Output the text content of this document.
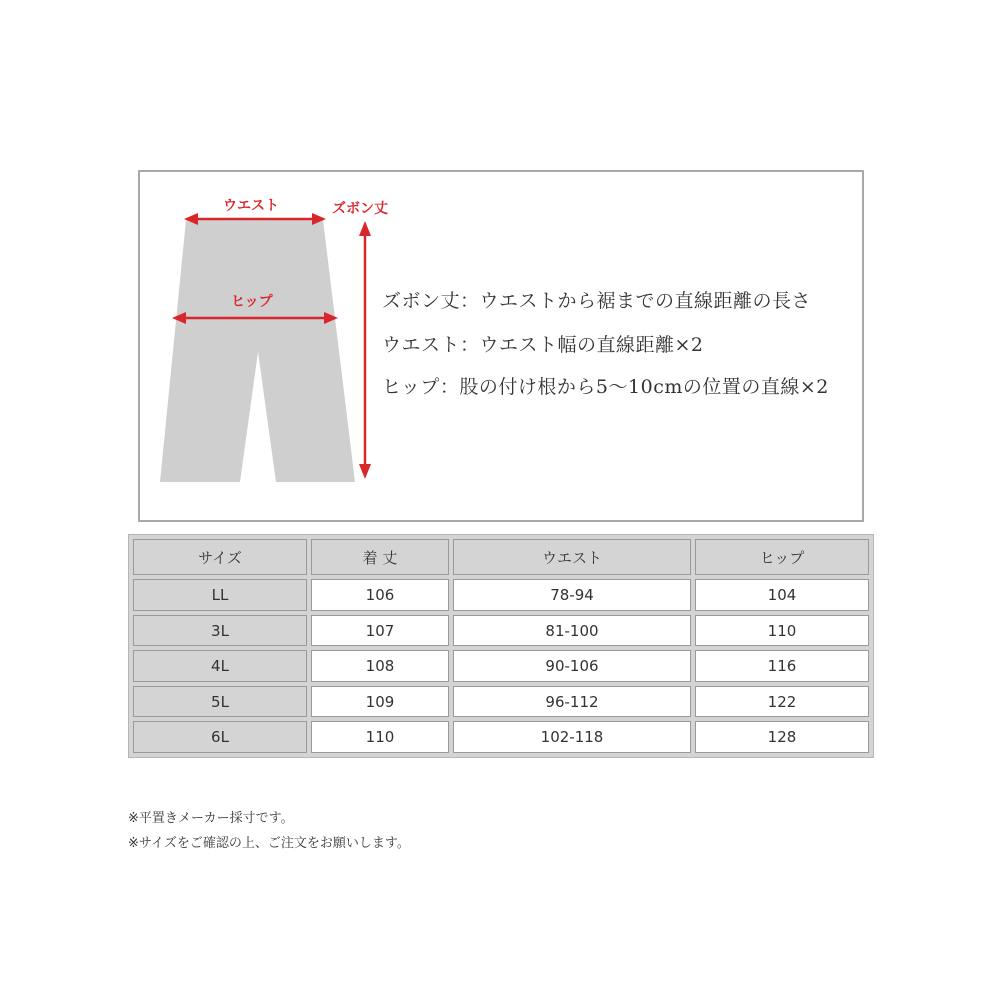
ウエスト
ヒップ
ズボン丈
ズボン丈：ウエストから裾までの直線距離の長さ
ウエスト：ウエスト幅の直線距離×2
ヒップ：股の付け根から5～10cmの位置の直線×2
サイズ	着 丈	ウエスト	ヒップ
LL	106	78-94	104
3L	107	81-100	110
4L	108	90-106	116
5L	109	96-112	122
6L	110	102-118	128
※平置きメーカー採寸です。
※サイズをご確認の上、ご注文をお願いします。
